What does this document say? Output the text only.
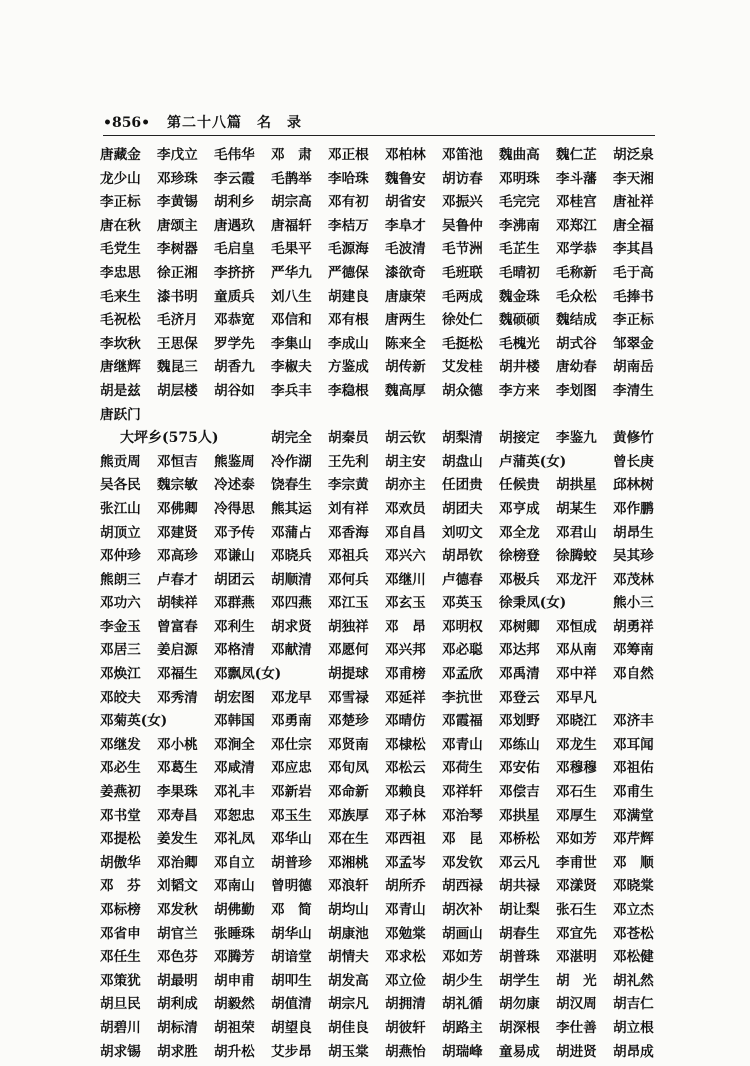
•856• 第二十八篇　名　录
唐藏金	李戊立	毛伟华	邓　肃	邓正根	邓柏林	邓笛池	魏曲高	魏仁芷	胡泛泉
龙少山	邓珍珠	李云霞	毛鹊举	李哈珠	魏鲁安	胡访春	邓明珠	李斗藩	李天湘
李正标	李黄锡	胡利乡	胡宗高	邓有初	胡省安	邓振兴	毛完完	邓桂宫	唐祉祥
唐在秋	唐颂主	唐遇玖	唐福轩	李桔万	李阜才	吴鲁仲	李沸南	邓郑江	唐全福
毛党生	李树器	毛启皇	毛果平	毛源海	毛波清	毛节洲	毛芷生	邓学恭	李其昌
李忠思	徐正湘	李挤挤	严华九	严德保	漆欲奇	毛班联	毛晴初	毛称新	毛于高
毛来生	漆书明	童质兵	刘八生	胡建良	唐康荣	毛两成	魏金珠	毛众松	毛捧书
毛祝松	毛济月	邓恭宽	邓信和	邓有根	唐两生	徐处仁	魏硕硕	魏结成	李正标
李坎秋	王思保	罗学先	李集山	李成山	陈来全	毛挺松	毛槐光	胡式谷	邹翠金
唐继辉	魏昆三	胡香九	李椒夫	方鉴成	胡传新	艾发桂	胡井楼	唐幼春	胡南岳
胡是兹	胡层楼	胡谷如	李兵丰	李稳根	魏高厚	胡众德	李方来	李划图	李清生
唐跃门
大坪乡(575人)	胡完全	胡秦员	胡云钦	胡梨清	胡接定	李鉴九	黄修竹
熊贡周	邓恒吉	熊鉴周	冷作湖	王先利	胡主安	胡盘山	卢蒲英(女)	曾长庚
吴各民	魏宗敏	冷述泰	饶春生	李宗黄	胡亦主	任团贵	任候贵	胡拱星	邱林树
张江山	邓佛卿	冷得思	熊其运	刘有祥	邓欢员	胡团夫	邓亨成	胡某生	邓作鹏
胡顶立	邓建贤	邓予传	邓蒲占	邓香海	邓自昌	刘叨文	邓全龙	邓君山	胡昂生
邓仲珍	邓高珍	邓谦山	邓晓兵	邓祖兵	邓兴六	胡昂钦	徐榜登	徐腾蛟	吴其珍
熊朗三	卢春才	胡团云	胡顺清	邓何兵	邓继川	卢德春	邓极兵	邓龙汗	邓茂林
邓功六	胡犊祥	邓群燕	邓四燕	邓江玉	邓玄玉	邓英玉	徐秉凤(女)	熊小三
李金玉	曾富春	邓利生	胡求贤	胡独祥	邓　昂	邓明权	邓树卿	邓恒成	胡勇祥
邓居三	姜启源	邓格清	邓献清	邓愿何	邓兴邦	邓必聪	邓达邦	邓从南	邓筹南
邓焕江	邓福生	邓飘凤(女)	胡提球	邓甫榜	邓孟欣	邓禹清	邓中祥	邓自然
邓皎夫	邓秀清	胡宏图	邓龙早	邓雪禄	邓延祥	李抗世	邓登云	邓早凡
邓菊英(女)	邓韩国	邓勇南	邓楚珍	邓晴仿	邓霞福	邓划野	邓晓江	邓济丰
邓继发	邓小桃	邓涧全	邓仕宗	邓贤南	邓棣松	邓青山	邓练山	邓龙生	邓耳闻
邓必生	邓葛生	邓咸清	邓应忠	邓旬凤	邓松云	邓荷生	邓安佑	邓穆穆	邓祖佑
姜燕初	李果珠	邓礼丰	邓新岩	邓命新	邓赖良	邓祥轩	邓偿吉	邓石生	邓甫生
邓书堂	邓寿昌	邓恕忠	邓玉生	邓族厚	邓子林	邓治琴	邓拱星	邓厚生	邓满堂
邓提松	姜发生	邓礼凤	邓华山	邓在生	邓西祖	邓　昆	邓桥松	邓如芳	邓芹辉
胡傲华	邓治卿	邓自立	胡普珍	邓湘桃	邓孟岑	邓发钦	邓云凡	李甫世	邓　顺
邓　芬	刘韬文	邓南山	曾明德	邓浪轩	胡所乔	胡西禄	胡共禄	邓漾贤	邓晓棠
邓标榜	邓发秋	胡佛勤	邓　简	胡均山	邓青山	胡次补	胡让梨	张石生	邓立杰
邓省申	胡官兰	张睡珠	胡华山	胡康池	邓勉棠	胡画山	胡春生	邓宜先	邓苍松
邓任生	邓色芬	邓腾芳	胡谙堂	胡情夫	邓求松	邓如芳	胡普珠	邓湛明	邓松健
邓策犹	胡最明	胡申甫	胡叩生	胡发高	邓立俭	胡少生	胡学生	胡　光	胡礼然
胡旦民	胡利成	胡毅然	胡值清	胡宗凡	胡拥清	胡礼循	胡勿康	胡汉周	胡吉仁
胡碧川	胡标清	胡祖荣	胡望良	胡佳良	胡彼轩	胡路主	胡深根	李仕善	胡立根
胡求锡	胡求胜	胡升松	艾步昂	胡玉棠	胡燕怡	胡瑞峰	童易成	胡进贤	胡昂成
